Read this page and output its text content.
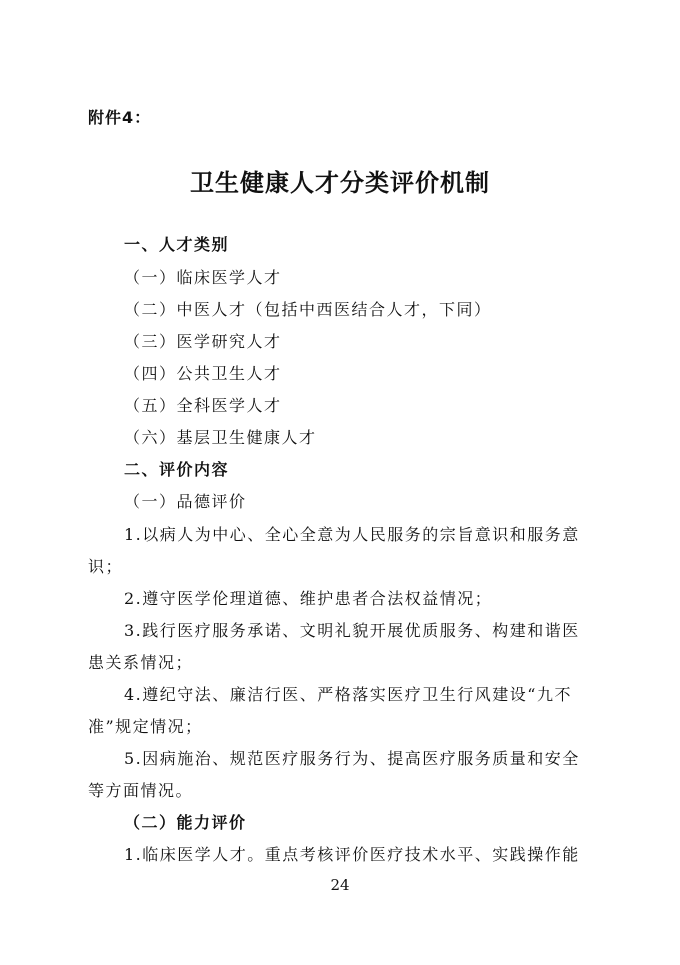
附件4：
卫生健康人才分类评价机制
一、人才类别
（一）临床医学人才
（二）中医人才（包括中西医结合人才，下同）
（三）医学研究人才
（四）公共卫生人才
（五）全科医学人才
（六）基层卫生健康人才
二、评价内容
（一）品德评价
1.以病人为中心、全心全意为人民服务的宗旨意识和服务意
识；
2.遵守医学伦理道德、维护患者合法权益情况；
3.践行医疗服务承诺、文明礼貌开展优质服务、构建和谐医
患关系情况；
4.遵纪守法、廉洁行医、严格落实医疗卫生行风建设“九不
准”规定情况；
5.因病施治、规范医疗服务行为、提高医疗服务质量和安全
等方面情况。
（二）能力评价
1.临床医学人才。重点考核评价医疗技术水平、实践操作能
24
